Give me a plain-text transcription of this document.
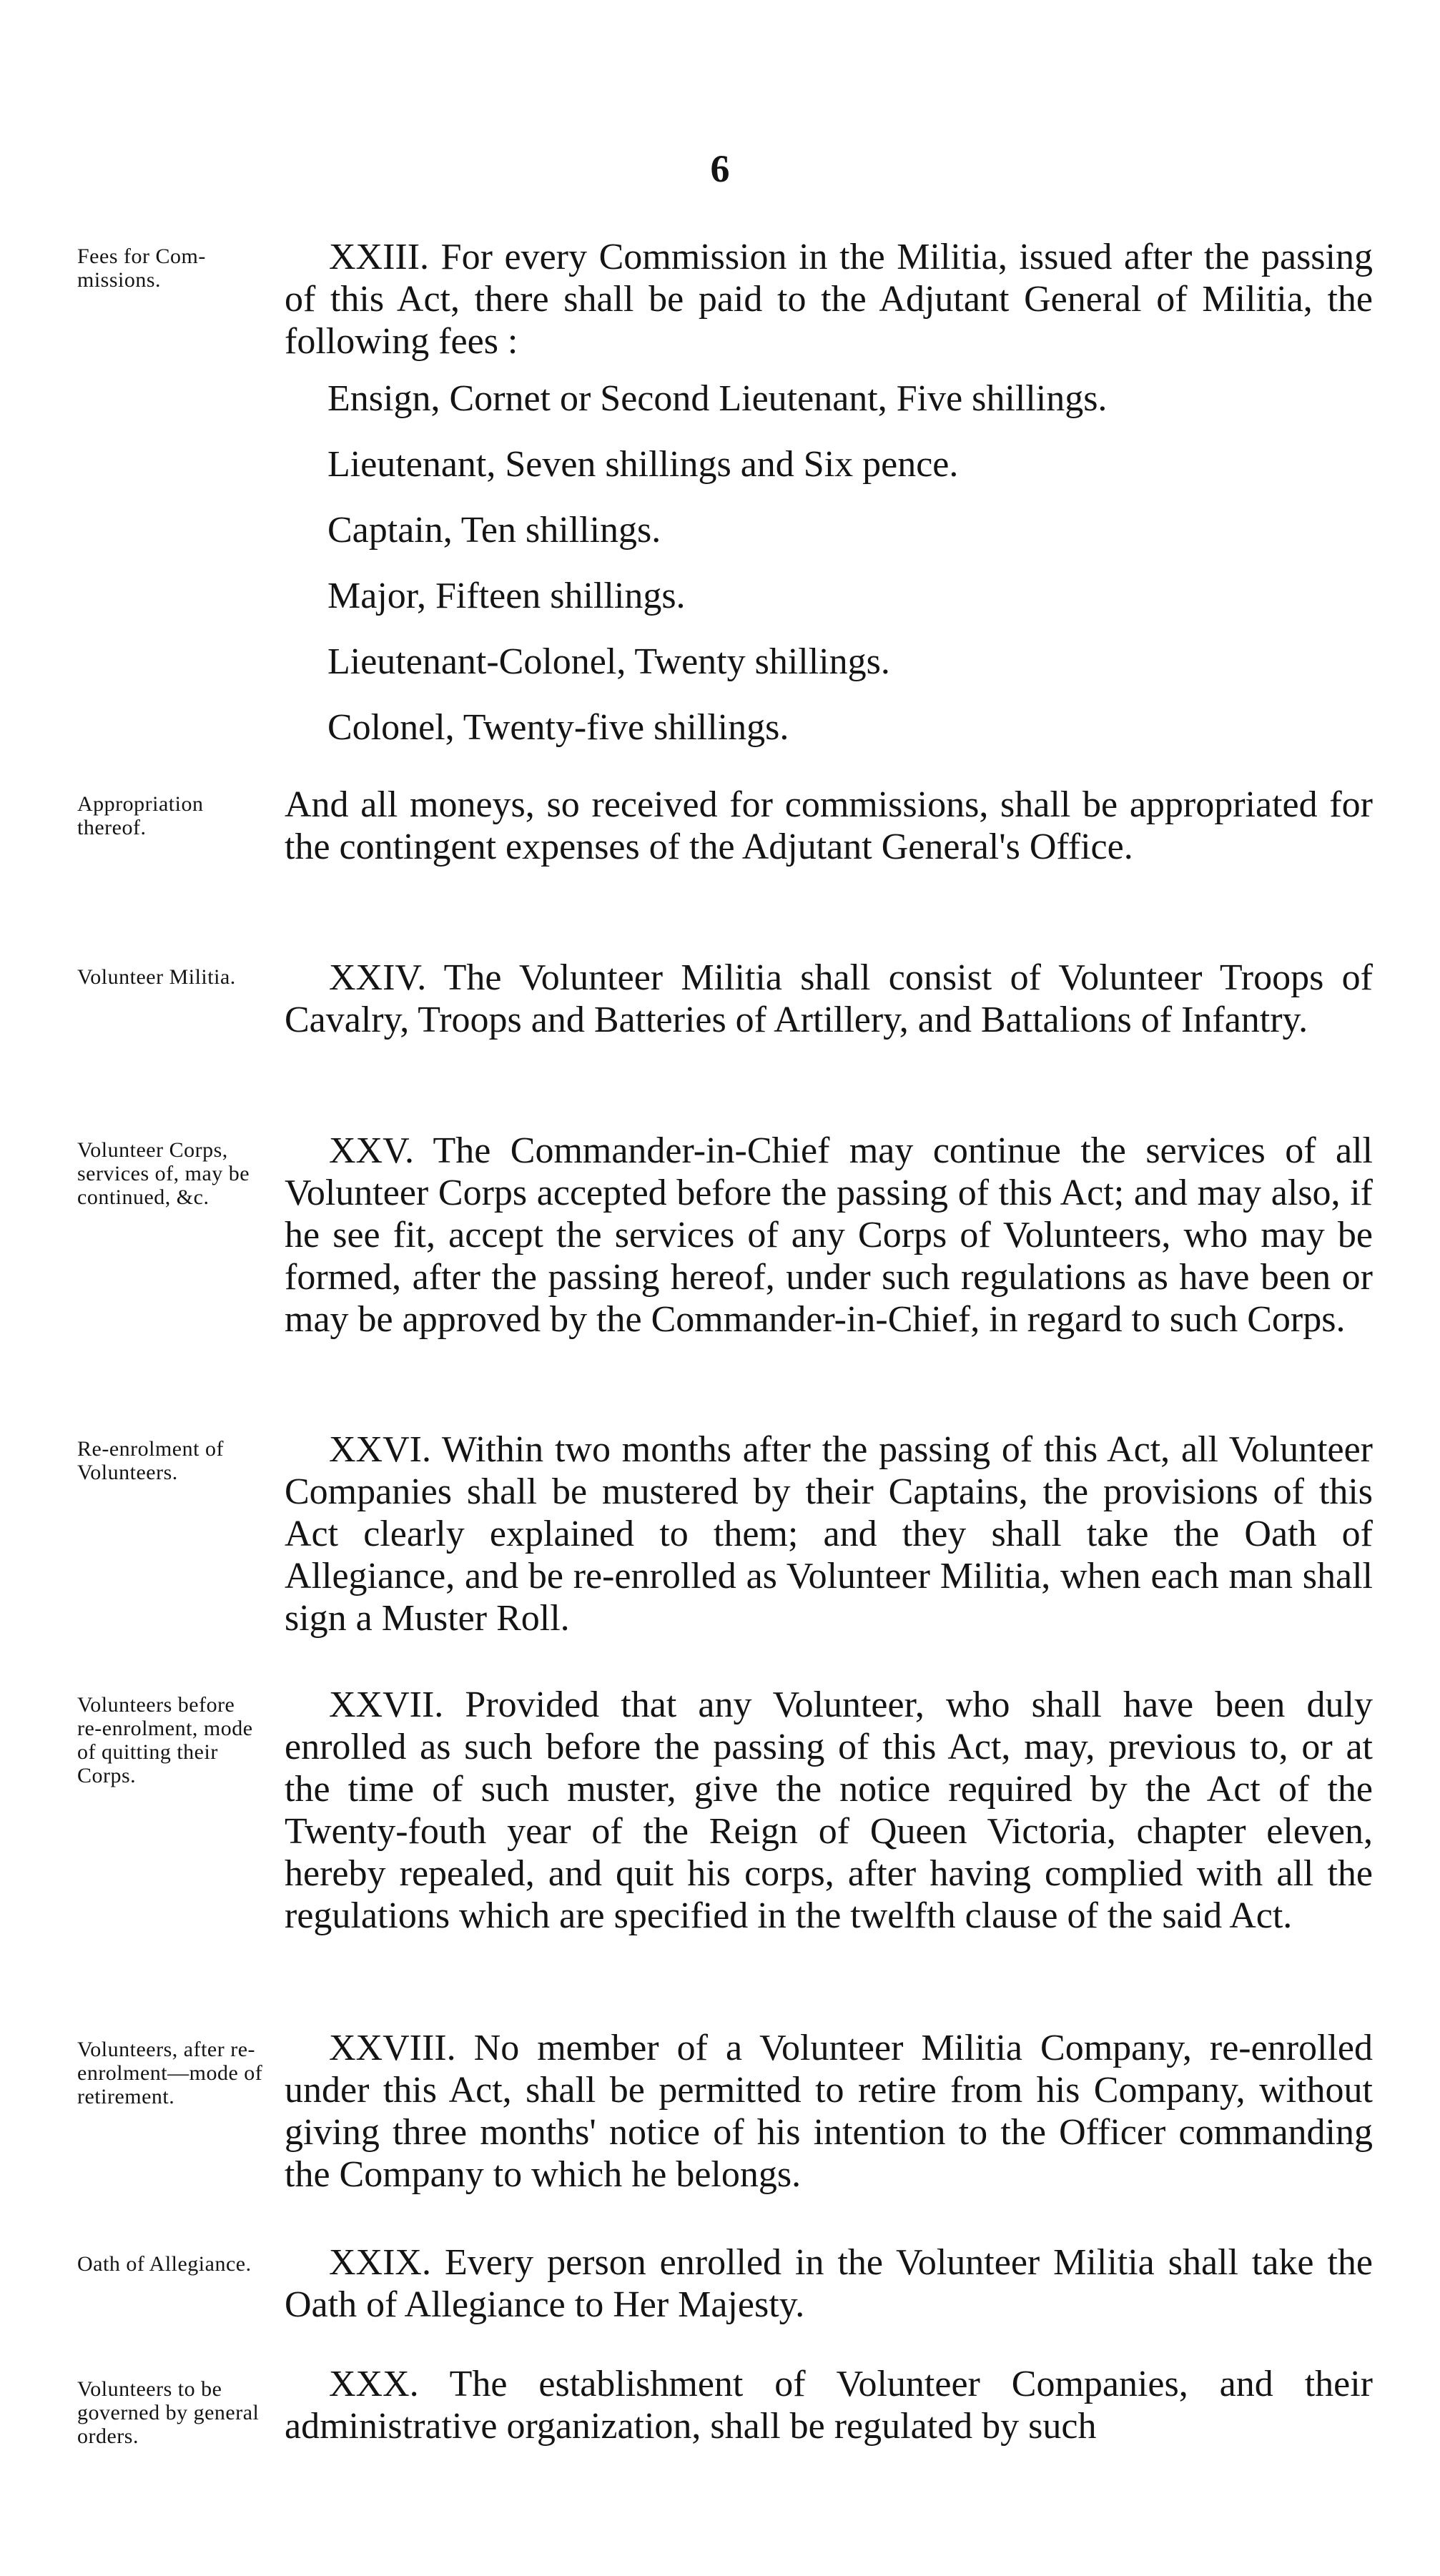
6
Fees for Com-missions.
XXIII. For every Commission in the Militia, issued after the passing of this Act, there shall be paid to the Adjutant General of Militia, the following fees :
Ensign, Cornet or Second Lieutenant, Five shillings.
Lieutenant, Seven shillings and Six pence.
Captain, Ten shillings.
Major, Fifteen shillings.
Lieutenant-Colonel, Twenty shillings.
Colonel, Twenty-five shillings.
Appropriation thereof.
And all moneys, so received for commissions, shall be appropriated for the contingent expenses of the Adjutant General's Office.
Volunteer Militia.	XXIV. The Volunteer Militia shall consist of Volunteer Troops of Cavalry, Troops and Batteries of Artillery, and Battalions of Infantry.
Volunteer Corps, services of, may be continued, &c.
XXV. The Commander-in-Chief may continue the services of all Volunteer Corps accepted before the passing of this Act; and may also, if he see fit, accept the services of any Corps of Volunteers, who may be formed, after the passing hereof, under such regulations as have been or may be approved by the Commander-in-Chief, in regard to such Corps.
Re-enrolment of Volunteers.
XXVI. Within two months after the passing of this Act, all Volunteer Companies shall be mustered by their Captains, the provisions of this Act clearly explained to them; and they shall take the Oath of Allegiance, and be re-enrolled as Volunteer Militia, when each man shall sign a Muster Roll.
Volunteers before re-enrolment, mode of quitting their Corps.
XXVII. Provided that any Volunteer, who shall have been duly enrolled as such before the passing of this Act, may, previous to, or at the time of such muster, give the notice required by the Act of the Twenty-fouth year of the Reign of Queen Victoria, chapter eleven, hereby repealed, and quit his corps, after having complied with all the regulations which are specified in the twelfth clause of the said Act.
Volunteers, after re-enrolment—mode of retirement.
XXVIII. No member of a Volunteer Militia Company, re-enrolled under this Act, shall be permitted to retire from his Company, without giving three months' notice of his intention to the Officer commanding the Company to which he belongs.
Oath of Allegiance.	XXIX. Every person enrolled in the Volunteer Militia shall take the Oath of Allegiance to Her Majesty.
Volunteers to be governed by general orders.
XXX. The establishment of Volunteer Companies, and their administrative organization, shall be regulated by such
